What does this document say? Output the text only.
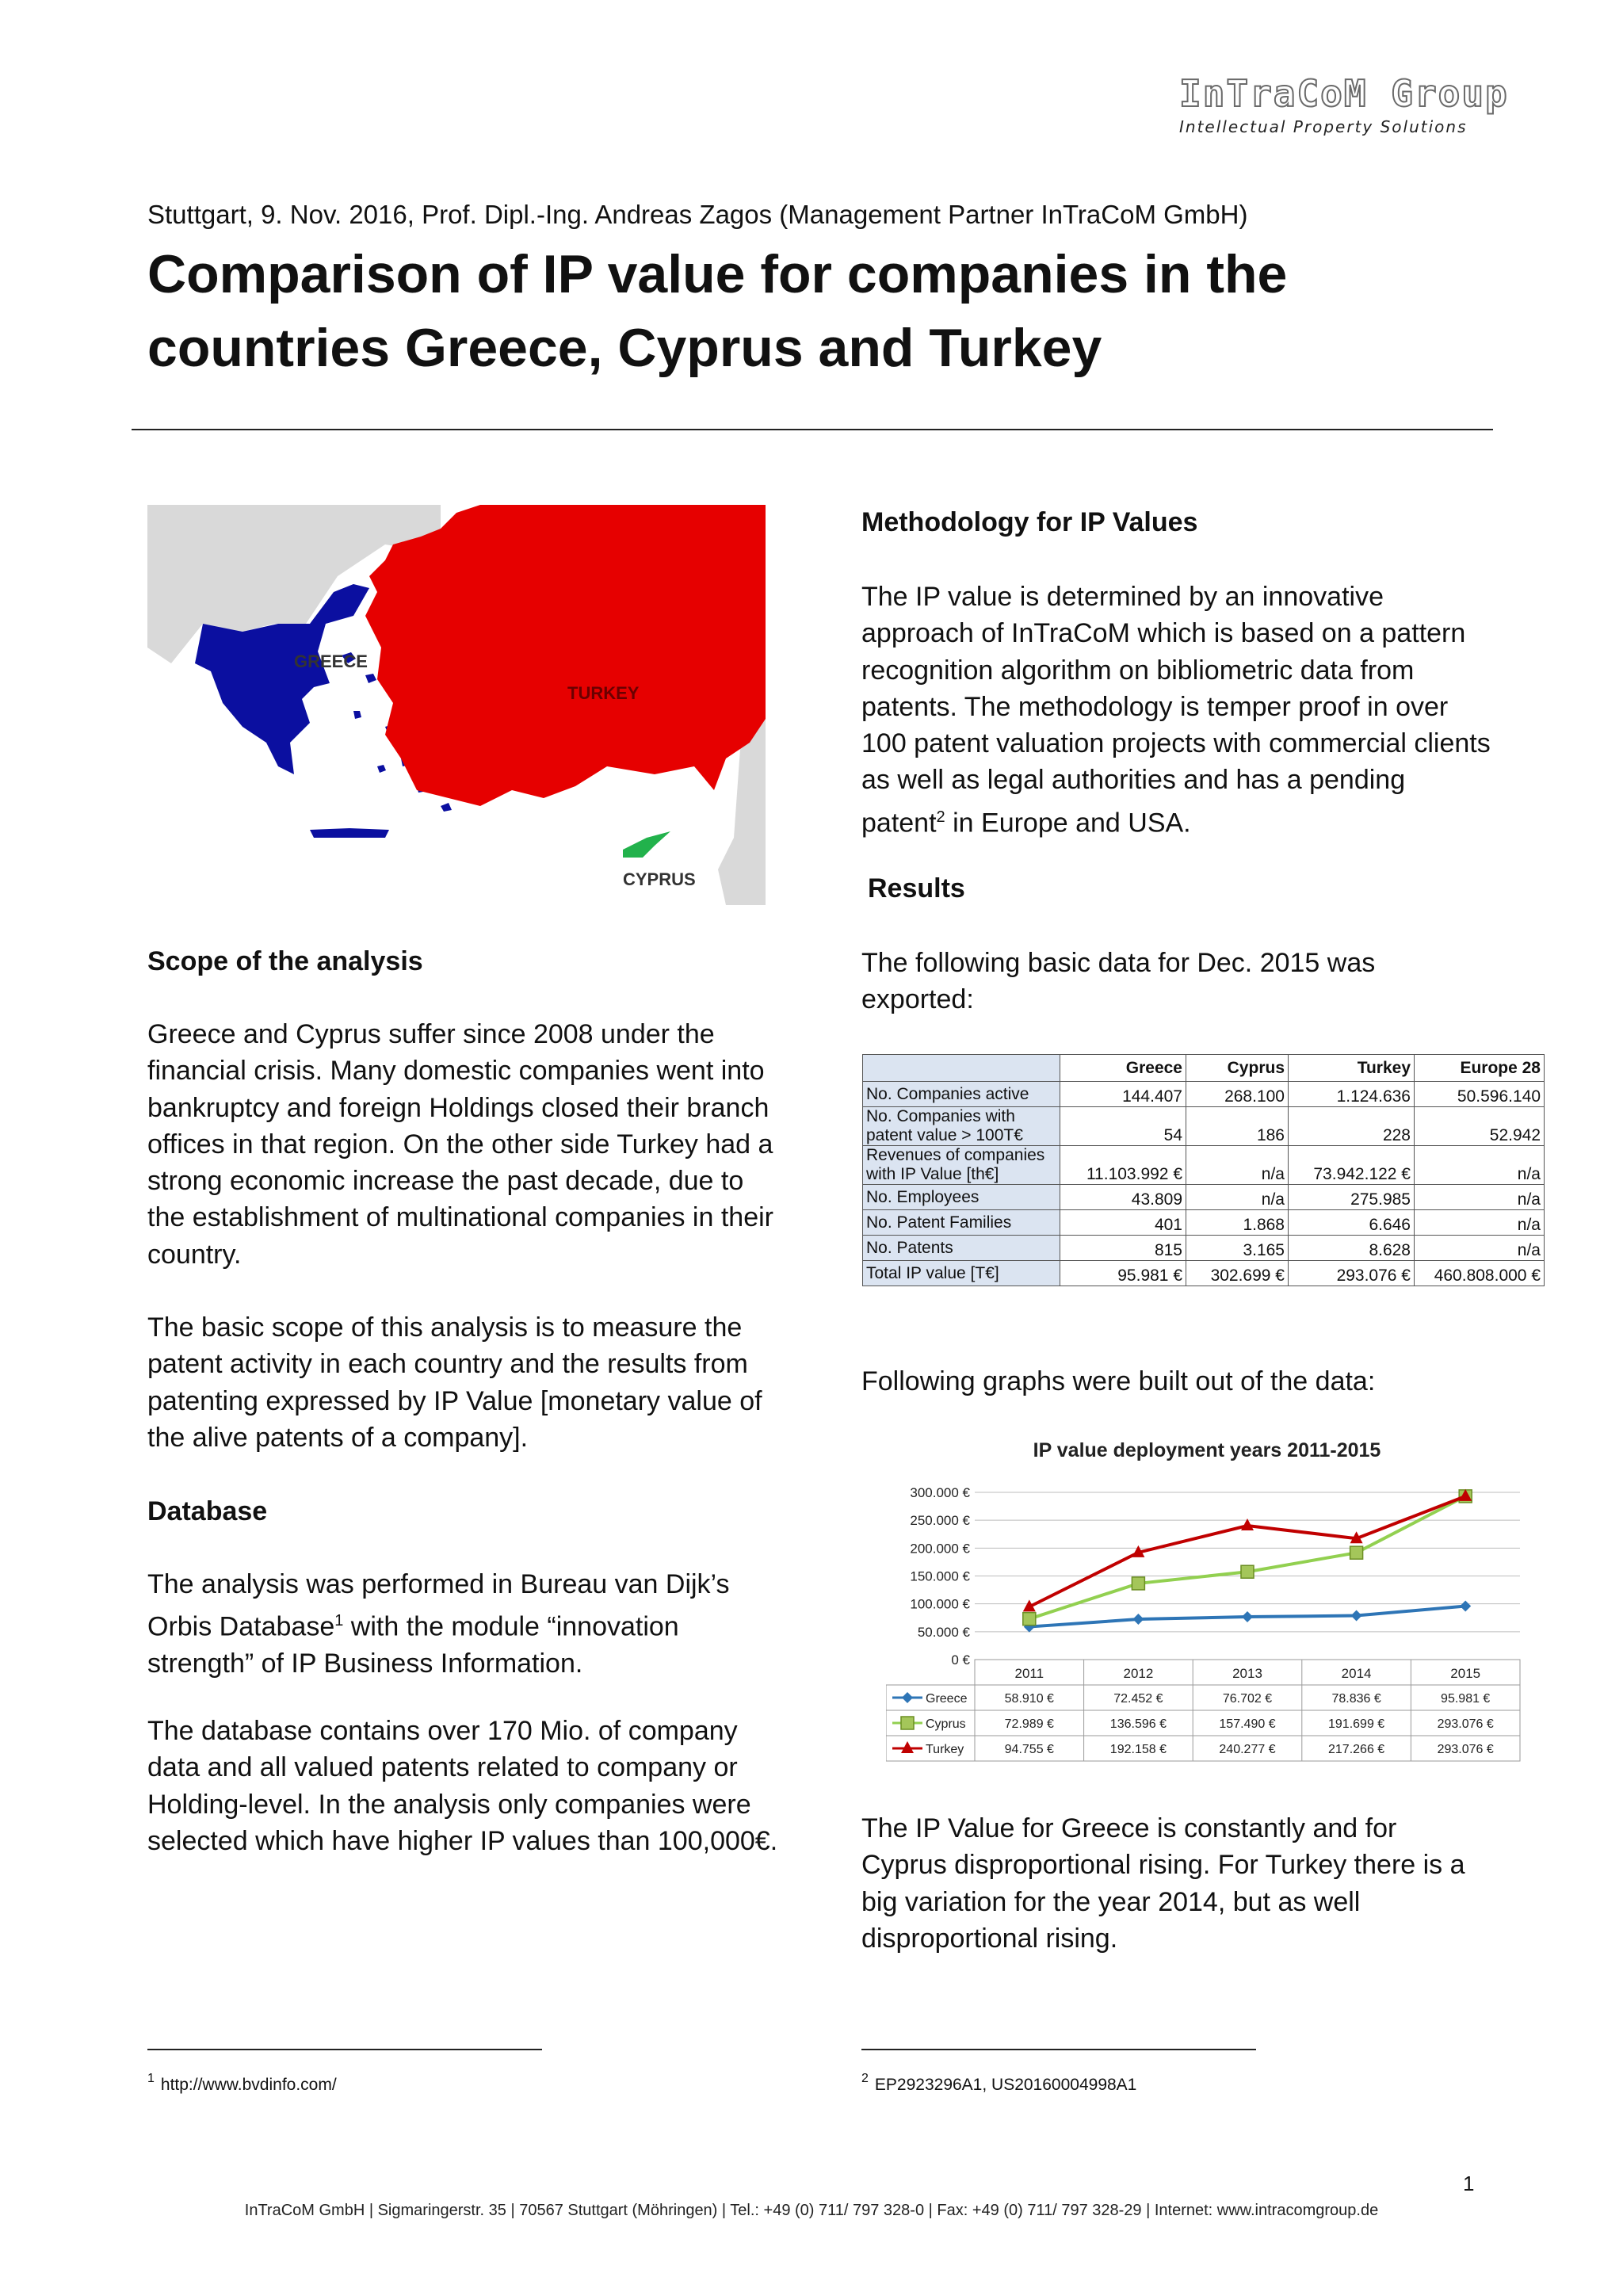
InTraCoM Group
Intellectual Property Solutions
Stuttgart, 9. Nov. 2016, Prof. Dipl.-Ing. Andreas Zagos (Management Partner InTraCoM GmbH)
Comparison of IP value for companies in the countries Greece, Cyprus and Turkey
GREECE
TURKEY
CYPRUS
Scope of the analysis
Greece and Cyprus suffer since 2008 under the financial crisis. Many domestic companies went into bankruptcy and foreign Holdings closed their branch offices in that region. On the other side Turkey had a strong economic increase the past decade, due to the establishment of multinational companies in their country.
The basic scope of this analysis is to measure the patent activity in each country and the results from patenting expressed by IP Value [monetary value of the alive patents of a company].
Database
The analysis was performed in Bureau van Dijk’s Orbis Database$^1$ with the module “innovation strength” of IP Business Information.
The database contains over 170 Mio. of company data and all valued patents related to company or Holding-level. In the analysis only companies were selected which have higher IP values than 100,000€.
Methodology for IP Values
The IP value is determined by an innovative approach of InTraCoM which is based on a pattern recognition algorithm on bibliometric data from patents. The methodology is temper proof in over 100 patent valuation projects with commercial clients as well as legal authorities and has a pending patent$^2$ in Europe and USA.
Results
The following basic data for Dec. 2015 was exported:
	Greece	Cyprus	Turkey	Europe 28

No. Companies active	144.407	268.100	1.124.636	50.596.140

No. Companies with
patent value > 100T€	54	186	228	52.942

Revenues of companies
with IP Value [th€]	11.103.992 €	n/a	73.942.122 €	n/a

No. Employees	43.809	n/a	275.985	n/a

No. Patent Families	401	1.868	6.646	n/a

No. Patents	815	3.165	8.628	n/a

Total IP value [T€]	95.981 €	302.699 €	293.076 €	460.808.000 €
Following graphs were built out of the data:
IP value deployment years 2011-2015
300.000 €
250.000 €
200.000 €
150.000 €
100.000 €
50.000 €
0 €
2011	2012	2013	2014	2015
Greece	58.910 €	72.452 €	76.702 €	78.836 €	95.981 €
Cyprus	72.989 €	136.596 €	157.490 €	191.699 €	293.076 €
Turkey	94.755 €	192.158 €	240.277 €	217.266 €	293.076 €
The IP Value for Greece is constantly and for Cyprus disproportional rising. For Turkey there is a big variation for the year 2014, but as well disproportional rising.
$^1$ http://www.bvdinfo.com/	$^2$ EP2923296A1, US20160004998A1
1
InTraCoM GmbH | Sigmaringerstr. 35 | 70567 Stuttgart (Möhringen) | Tel.: +49 (0) 711/ 797 328-0 | Fax: +49 (0) 711/ 797 328-29 | Internet: www.intracomgroup.de
